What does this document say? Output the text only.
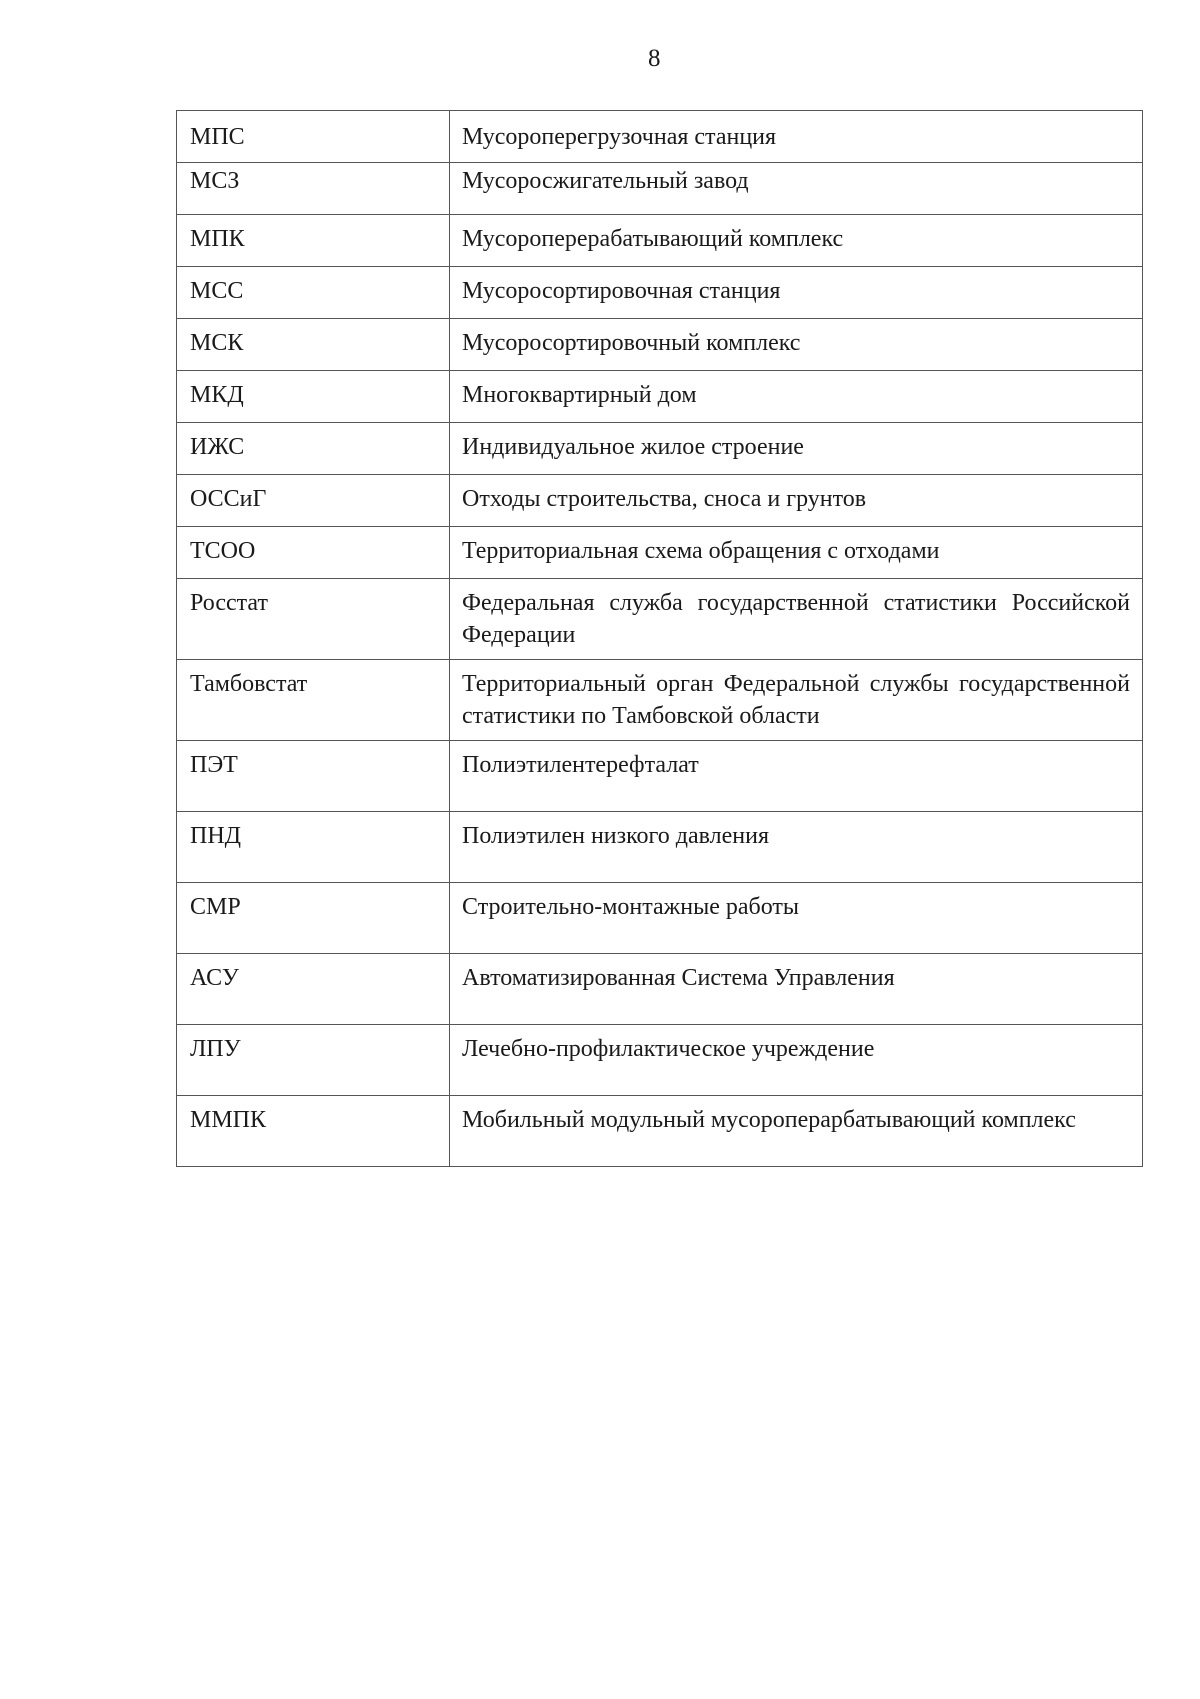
8
МПС	Мусороперегрузочная станция
МСЗ	Мусоросжигательный завод
МПК	Мусороперерабатывающий комплекс
МСС	Мусоросортировочная станция
МСК	Мусоросортировочный комплекс
МКД	Многоквартирный дом
ИЖС	Индивидуальное жилое строение
ОССиГ	Отходы строительства, сноса и грунтов
ТСОО	Территориальная схема обращения с отходами
Росстат	Федеральная служба государственной статистики Российской Федерации
Тамбовстат	Территориальный орган Федеральной службы государственной статистики по Тамбовской области
ПЭТ	Полиэтилентерефталат
ПНД	Полиэтилен низкого давления
СМР	Строительно-монтажные работы
АСУ	Автоматизированная Система Управления
ЛПУ	Лечебно-профилактическое учреждение
ММПК	Мобильный модульный мусороперарбатывающий комплекс
